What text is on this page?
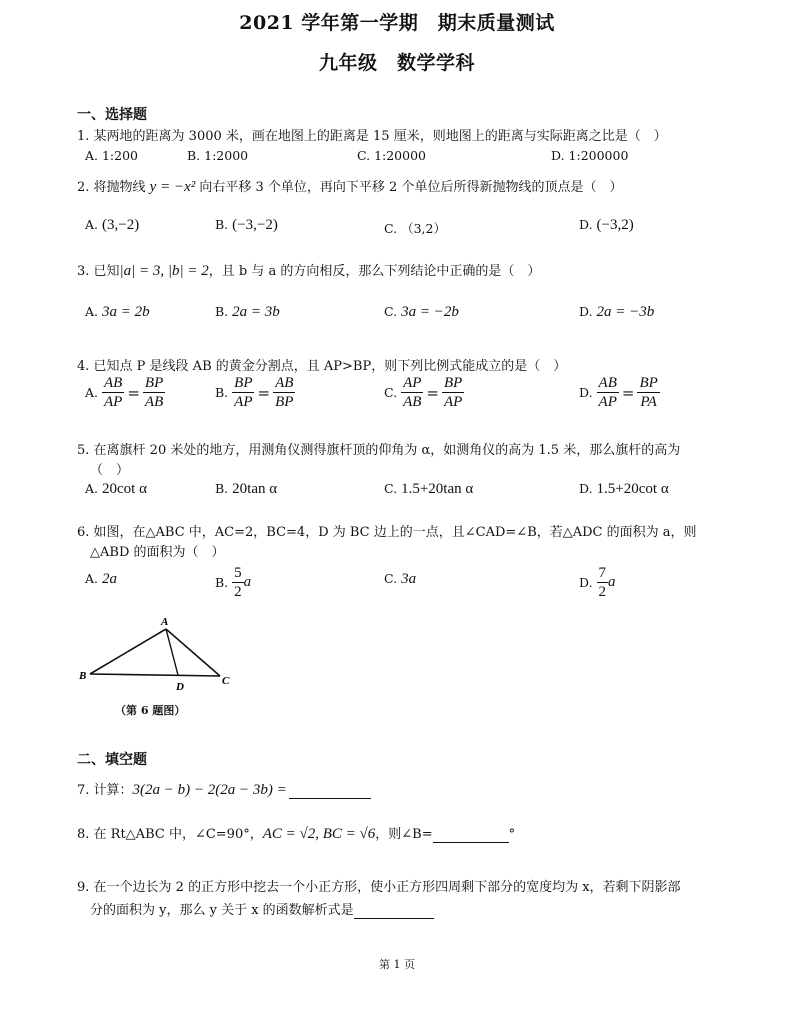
2021 学年第一学期　期末质量测试
九年级　数学学科
一、选择题
1. 某两地的距离为 3000 米，画在地图上的距离是 15 厘米，则地图上的距离与实际距离之比是（　）
A. 1:200	B. 1:2000	C. 1:20000	D. 1:200000
2. 将抛物线 y = −x² 向右平移 3 个单位，再向下平移 2 个单位后所得新抛物线的顶点是（　）
A. (3,−2)	B. (−3,−2)	C. （3,2）	D. (−3,2)
3. 已知|a| = 3, |b| = 2，且 b 与 a 的方向相反，那么下列结论中正确的是（　）
A. 3a = 2b	B. 2a = 3b	C. 3a = −2b	D. 2a = −3b
4. 已知点 P 是线段 AB 的黄金分割点，且 AP>BP，则下列比例式能成立的是（　）
A. $\frac{AB}{AP} = \frac{BP}{AB}$	B. $\frac{BP}{AP} = \frac{AB}{BP}$	C. $\frac{AP}{AB} = \frac{BP}{AP}$	D. $\frac{AB}{AP} = \frac{BP}{PA}$
5. 在离旗杆 20 米处的地方，用测角仪测得旗杆顶的仰角为 α，如测角仪的高为 1.5 米，那么旗杆的高为
（　）
A. 20cot α	B. 20tan α	C. 1.5+20tan α	D. 1.5+20cot α
6. 如图，在△ABC 中，AC=2，BC=4，D 为 BC 边上的一点，且∠CAD=∠B，若△ADC 的面积为 a，则
△ABD 的面积为（　）
A. 2a	B. $\frac{5}{2}$ a	C. 3a	D. $\frac{7}{2}$ a
A
B	C
D
（第 6 题图）
二、填空题
7. 计算：3(2a − b) − 2(2a − 3b) =
8. 在 Rt△ABC 中，∠C=90°，AC = √2, BC = √6，则∠B=	°
9. 在一个边长为 2 的正方形中挖去一个小正方形，使小正方形四周剩下部分的宽度均为 x，若剩下阴影部
分的面积为 y，那么 y 关于 x 的函数解析式是
第 1 页
